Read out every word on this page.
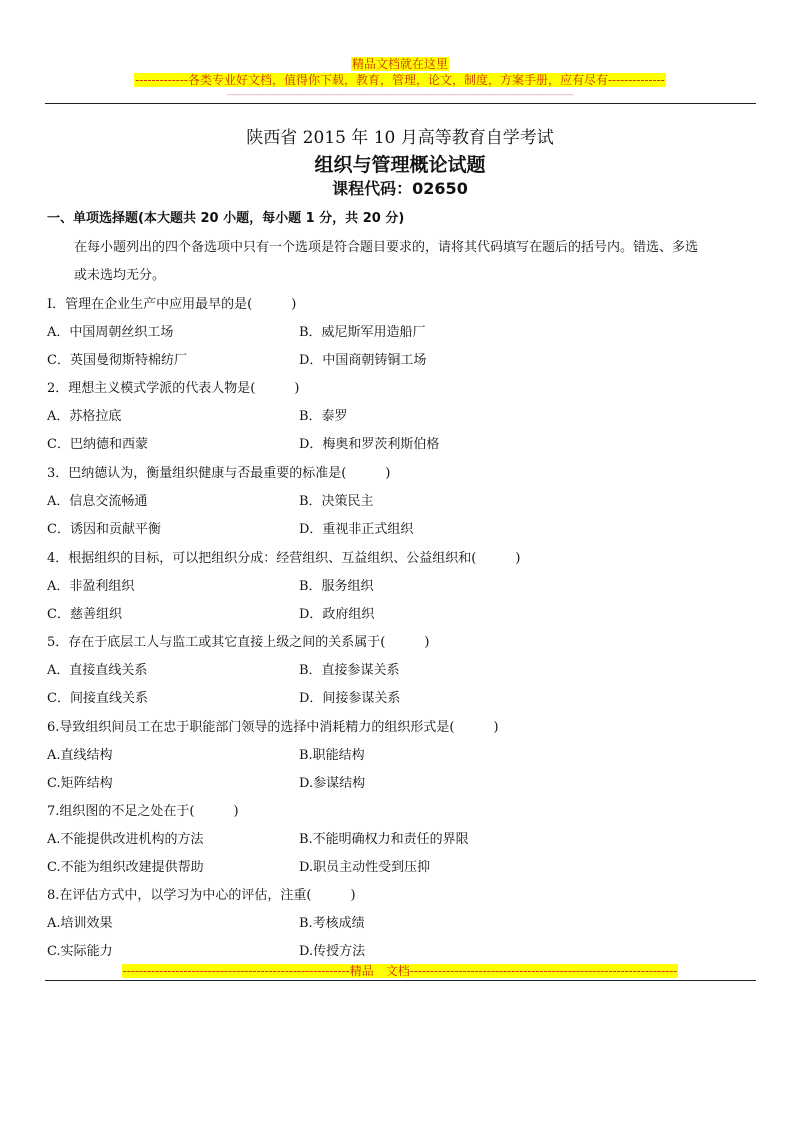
精品文档就在这里
-------------各类专业好文档，值得你下载，教育，管理，论文，制度，方案手册，应有尽有--------------
-------------------------------------------------------------------------------------------------------------------------------------------------------------
陕西省 2015 年 10 月高等教育自学考试
组织与管理概论试题
课程代码：02650
一、单项选择题(本大题共 20 小题，每小题 1 分，共 20 分)
在每小题列出的四个备选项中只有一个选项是符合题目要求的，请将其代码填写在题后的括号内。错选、多选
或未选均无分。
I．管理在企业生产中应用最早的是(　　　)
A．中国周朝丝织工场	B．威尼斯军用造船厂
C．英国曼彻斯特棉纺厂	D．中国商朝铸铜工场
2．理想主义模式学派的代表人物是(　　　)
A．苏格拉底	B．泰罗
C．巴纳德和西蒙	D．梅奥和罗茨利斯伯格
3．巴纳德认为，衡量组织健康与否最重要的标准是(　　　)
A．信息交流畅通	B．决策民主
C．诱因和贡献平衡	D．重视非正式组织
4．根据组织的目标，可以把组织分成：经营组织、互益组织、公益组织和(　　　)
A．非盈利组织	B．服务组织
C．慈善组织	D．政府组织
5．存在于底层工人与监工或其它直接上级之间的关系属于(　　　)
A．直接直线关系	B．直接参谋关系
C．间接直线关系	D．间接参谋关系
6.导致组织间员工在忠于职能部门领导的选择中消耗精力的组织形式是(　　　)
A.直线结构	B.职能结构
C.矩阵结构	D.参谋结构
7.组织图的不足之处在于(　　　)
A.不能提供改进机构的方法	B.不能明确权力和责任的界限
C.不能为组织改建提供帮助	D.职员主动性受到压抑
8.在评估方式中，以学习为中心的评估，注重(　　　)
A.培训效果	B.考核成绩
C.实际能力	D.传授方法
--------------------------------------------------------精品　文档------------------------------------------------------------------
